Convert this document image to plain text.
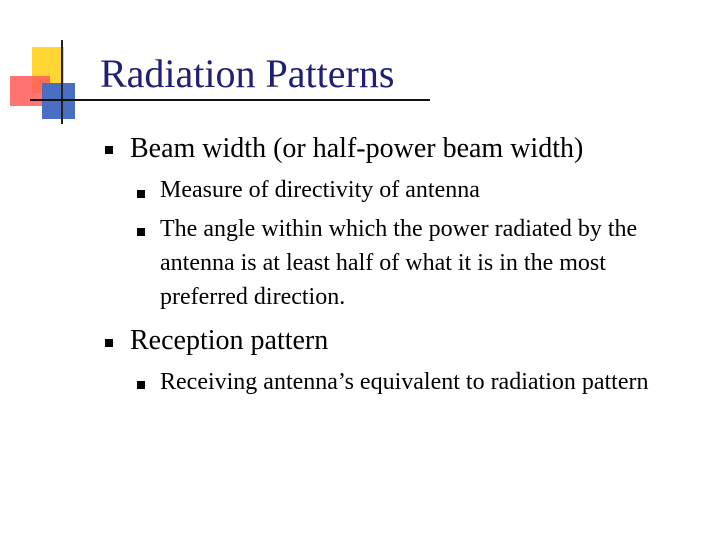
Radiation Patterns
Beam width (or half-power beam width)
Measure of directivity of antenna
The angle within which the power radiated by the antenna is at least half of what it is in the most preferred direction.
Reception pattern
Receiving antenna’s equivalent to radiation pattern
